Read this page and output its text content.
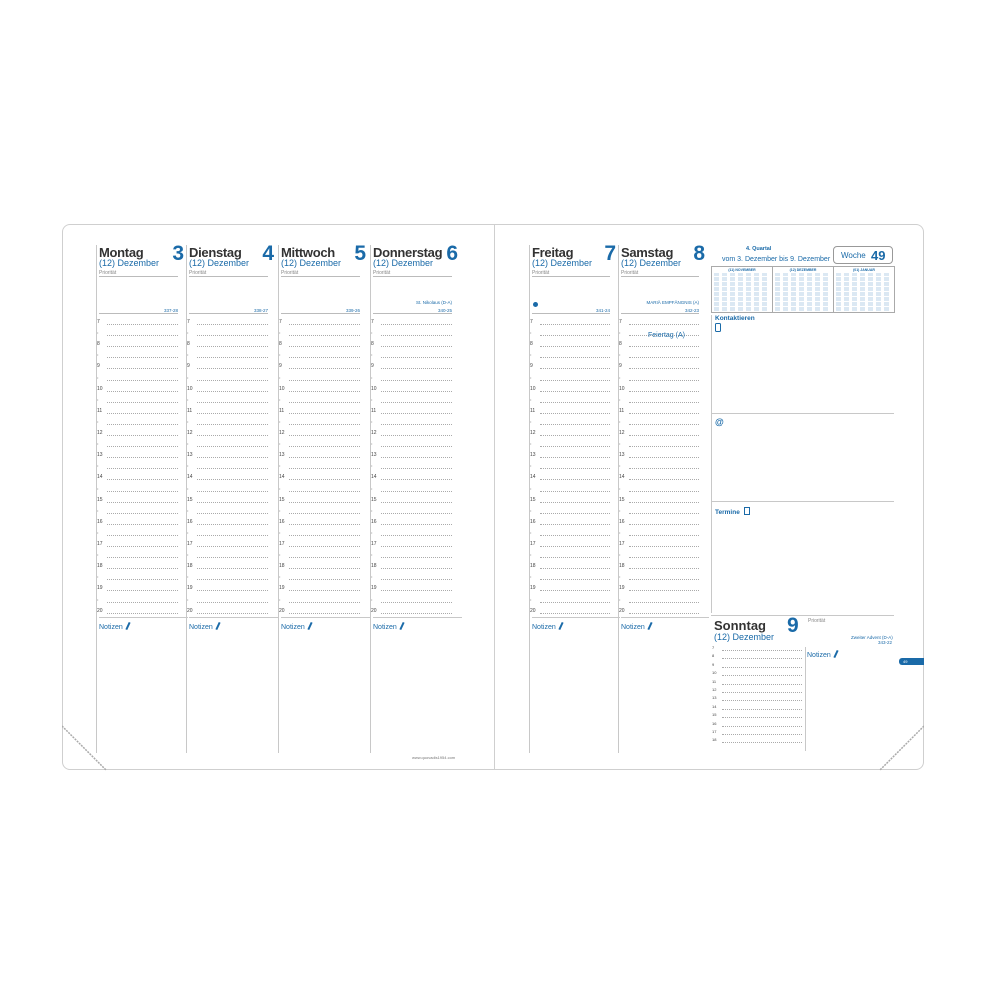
Montag
(12) Dezember 3
Priorität
337-28
7
•
8
•
9
•
10
•
11
•
12
•
13
•
14
•
15
•
16
•
17
•
18
•
19
•
20
Notizen
Dienstag
(12) Dezember 4
Priorität
338-27
7
•
8
•
9
•
10
•
11
•
12
•
13
•
14
•
15
•
16
•
17
•
18
•
19
•
20
Notizen
Mittwoch
(12) Dezember 5
Priorität
339-26
7
•
8
•
9
•
10
•
11
•
12
•
13
•
14
•
15
•
16
•
17
•
18
•
19
•
20
Notizen
Donnerstag
(12) Dezember 6
Priorität
St. Nikolaus (D-A)
340-25
7
•
8
•
9
•
10
•
11
•
12
•
13
•
14
•
15
•
16
•
17
•
18
•
19
•
20
Notizen
Freitag
(12) Dezember 7
Priorität
341-24
7
•
8
•
9
•
10
•
11
•
12
•
13
•
14
•
15
•
16
•
17
•
18
•
19
•
20
Notizen
Samstag
(12) Dezember 8
Priorität
MARIÄ EMPFÄNGNIS (A)
342-23
7
•
8
•
9
•
10
•
11
•
12
•
13
•
14
•
15
•
16
•
17
•
18
•
19
•
20
Notizen
Feiertag (A)
www.quovadis1954.com
4. Quartal
vom 3. Dezember bis 9. Dezember Woche 49
(11) NOVEMBER	(12) DEZEMBER	(01) JANUAR
Kontaktieren
@
Termine
Sonntag
(12) Dezember 9 Priorität
Zweiter Advent (D-A)
343-22
Notizen
7
8
9
10
11
12
13
14
15
16
17
18
49
